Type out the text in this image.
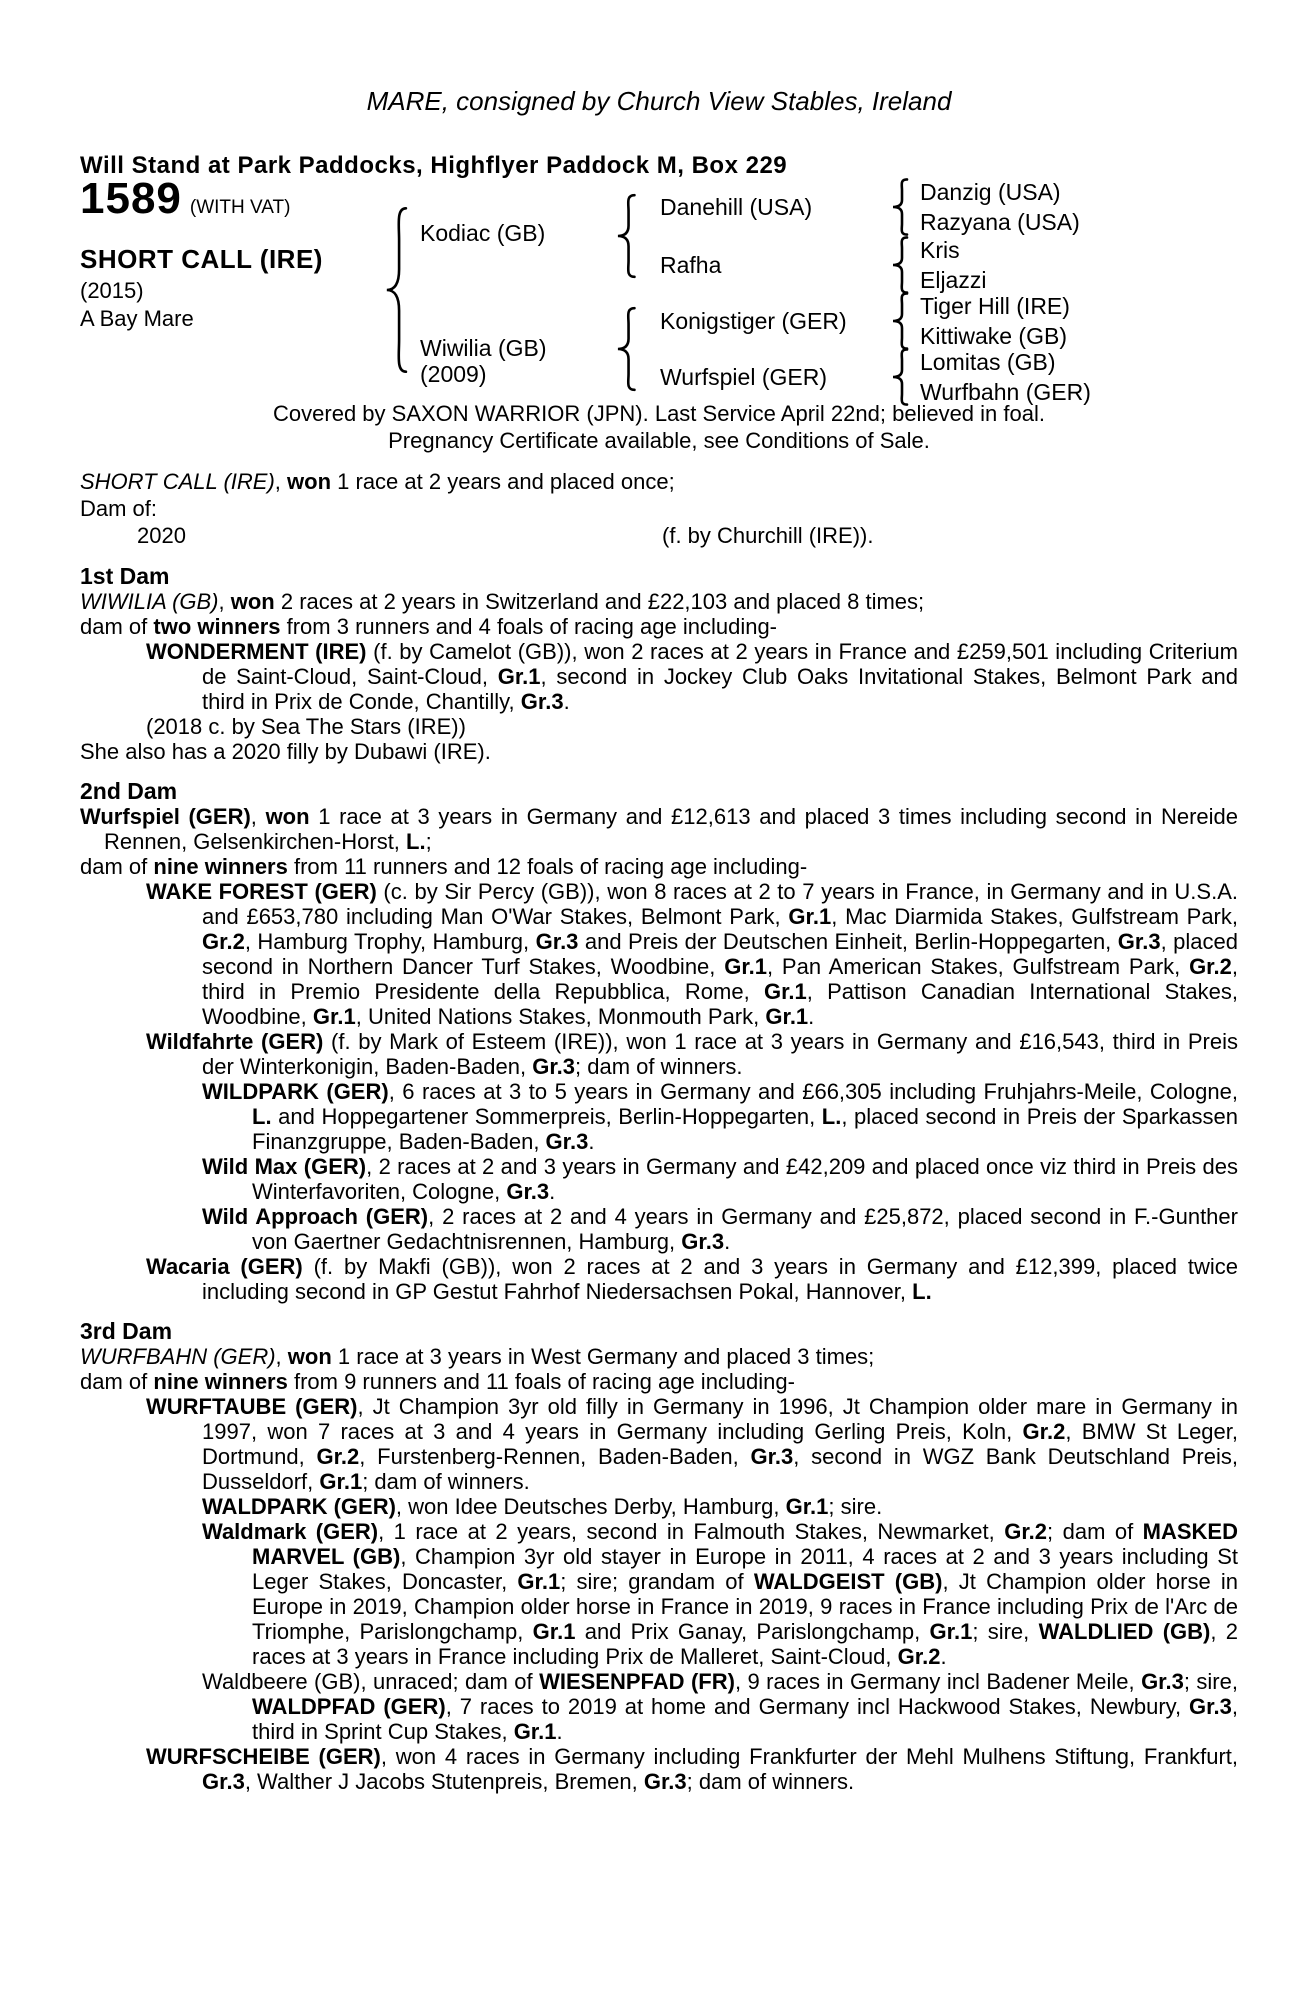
MARE, consigned by Church View Stables, Ireland
Will Stand at Park Paddocks, Highflyer Paddock M, Box 229
1589 (WITH VAT)
SHORT CALL (IRE)
(2015)
A Bay Mare
Kodiac (GB)
Wiwilia (GB)
(2009)
Danehill (USA)
Rafha
Konigstiger (GER)
Wurfspiel (GER)
Danzig (USA)
Razyana (USA)
Kris
Eljazzi
Tiger Hill (IRE)
Kittiwake (GB)
Lomitas (GB)
Wurfbahn (GER)
Covered by SAXON WARRIOR (JPN). Last Service April 22nd; believed in foal.
Pregnancy Certificate available, see Conditions of Sale.

SHORT CALL (IRE), won 1 race at 2 years and placed once;

Dam of:
2020	(f. by Churchill (IRE)).
1st Dam

WIWILIA (GB), won 2 races at 2 years in Switzerland and £22,103 and placed 8 times;

dam of two winners from 3 runners and 4 foals of racing age including-

WONDERMENT (IRE) (f. by Camelot (GB)), won 2 races at 2 years in France and £259,501 including Criterium de Saint-Cloud, Saint-Cloud, Gr.1, second in Jockey Club Oaks Invitational Stakes, Belmont Park and third in Prix de Conde, Chantilly, Gr.3.

(2018 c. by Sea The Stars (IRE))

She also has a 2020 filly by Dubawi (IRE).

2nd Dam

Wurfspiel (GER), won 1 race at 3 years in Germany and £12,613 and placed 3 times including second in Nereide Rennen, Gelsenkirchen-Horst, L.;

dam of nine winners from 11 runners and 12 foals of racing age including-

WAKE FOREST (GER) (c. by Sir Percy (GB)), won 8 races at 2 to 7 years in France, in Germany and in U.S.A. and £653,780 including Man O'War Stakes, Belmont Park, Gr.1, Mac Diarmida Stakes, Gulfstream Park, Gr.2, Hamburg Trophy, Hamburg, Gr.3 and Preis der Deutschen Einheit, Berlin-Hoppegarten, Gr.3, placed second in Northern Dancer Turf Stakes, Woodbine, Gr.1, Pan American Stakes, Gulfstream Park, Gr.2, third in Premio Presidente della Repubblica, Rome, Gr.1, Pattison Canadian International Stakes, Woodbine, Gr.1, United Nations Stakes, Monmouth Park, Gr.1.

Wildfahrte (GER) (f. by Mark of Esteem (IRE)), won 1 race at 3 years in Germany and £16,543, third in Preis der Winterkonigin, Baden-Baden, Gr.3; dam of winners.

WILDPARK (GER), 6 races at 3 to 5 years in Germany and £66,305 including Fruhjahrs-Meile, Cologne, L. and Hoppegartener Sommerpreis, Berlin-Hoppegarten, L., placed second in Preis der Sparkassen Finanzgruppe, Baden-Baden, Gr.3.

Wild Max (GER), 2 races at 2 and 3 years in Germany and £42,209 and placed once viz third in Preis des Winterfavoriten, Cologne, Gr.3.

Wild Approach (GER), 2 races at 2 and 4 years in Germany and £25,872, placed second in F.-Gunther von Gaertner Gedachtnisrennen, Hamburg, Gr.3.

Wacaria (GER) (f. by Makfi (GB)), won 2 races at 2 and 3 years in Germany and £12,399, placed twice including second in GP Gestut Fahrhof Niedersachsen Pokal, Hannover, L.

3rd Dam

WURFBAHN (GER), won 1 race at 3 years in West Germany and placed 3 times;

dam of nine winners from 9 runners and 11 foals of racing age including-

WURFTAUBE (GER), Jt Champion 3yr old filly in Germany in 1996, Jt Champion older mare in Germany in 1997, won 7 races at 3 and 4 years in Germany including Gerling Preis, Koln, Gr.2, BMW St Leger, Dortmund, Gr.2, Furstenberg-Rennen, Baden-Baden, Gr.3, second in WGZ Bank Deutschland Preis, Dusseldorf, Gr.1; dam of winners.

WALDPARK (GER), won Idee Deutsches Derby, Hamburg, Gr.1; sire.

Waldmark (GER), 1 race at 2 years, second in Falmouth Stakes, Newmarket, Gr.2; dam of MASKED MARVEL (GB), Champion 3yr old stayer in Europe in 2011, 4 races at 2 and 3 years including St Leger Stakes, Doncaster, Gr.1; sire; grandam of WALDGEIST (GB), Jt Champion older horse in Europe in 2019, Champion older horse in France in 2019, 9 races in France including Prix de l'Arc de Triomphe, Parislongchamp, Gr.1 and Prix Ganay, Parislongchamp, Gr.1; sire, WALDLIED (GB), 2 races at 3 years in France including Prix de Malleret, Saint-Cloud, Gr.2.

Waldbeere (GB), unraced; dam of WIESENPFAD (FR), 9 races in Germany incl Badener Meile, Gr.3; sire, WALDPFAD (GER), 7 races to 2019 at home and Germany incl Hackwood Stakes, Newbury, Gr.3, third in Sprint Cup Stakes, Gr.1.

WURFSCHEIBE (GER), won 4 races in Germany including Frankfurter der Mehl Mulhens Stiftung, Frankfurt, Gr.3, Walther J Jacobs Stutenpreis, Bremen, Gr.3; dam of winners.
